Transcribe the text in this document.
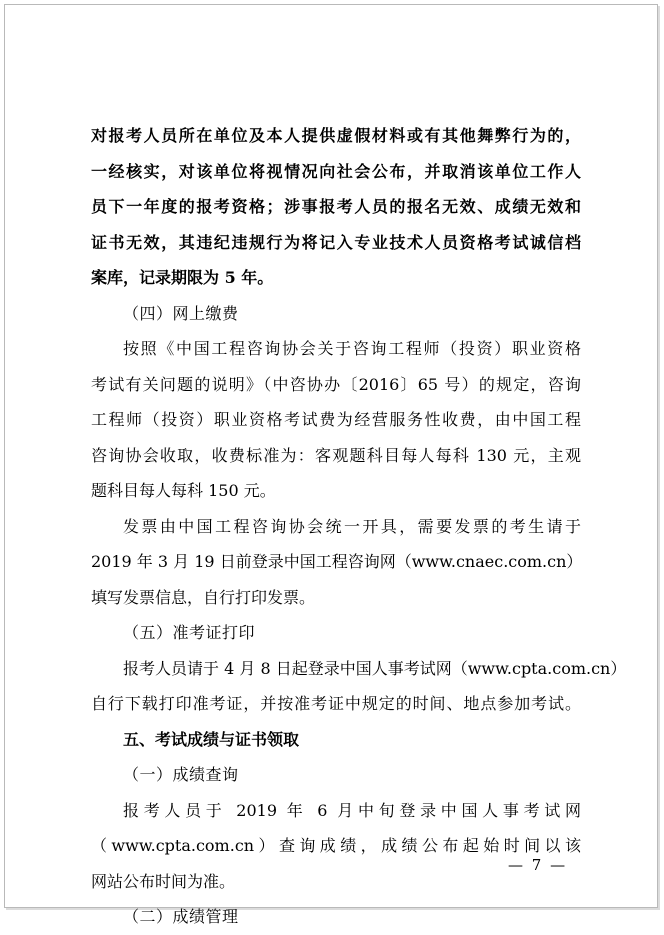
对报考人员所在单位及本人提供虚假材料或有其他舞弊行为的，
一经核实，对该单位将视情况向社会公布，并取消该单位工作人
员下一年度的报考资格；涉事报考人员的报名无效、成绩无效和
证书无效，其违纪违规行为将记入专业技术人员资格考试诚信档
案库，记录期限为 5 年。
（四）网上缴费
按照《中国工程咨询协会关于咨询工程师（投资）职业资格
考试有关问题的说明》（中咨协办〔2016〕65 号）的规定，咨询
工程师（投资）职业资格考试费为经营服务性收费，由中国工程
咨询协会收取，收费标准为：客观题科目每人每科 130 元，主观
题科目每人每科 150 元。
发票由中国工程咨询协会统一开具，需要发票的考生请于
2019 年 3 月 19 日前登录中国工程咨询网（www.cnaec.com.cn）
填写发票信息，自行打印发票。
（五）准考证打印
报考人员请于 4 月 8 日起登录中国人事考试网（www.cpta.com.cn）
自行下载打印准考证，并按准考证中规定的时间、地点参加考试。
五、考试成绩与证书领取
（一）成绩查询
报考人员于 2019 年 6 月中旬登录中国人事考试网
（www.cpta.com.cn）查询成绩，成绩公布起始时间以该
网站公布时间为准。
（二）成绩管理
— 7 —
